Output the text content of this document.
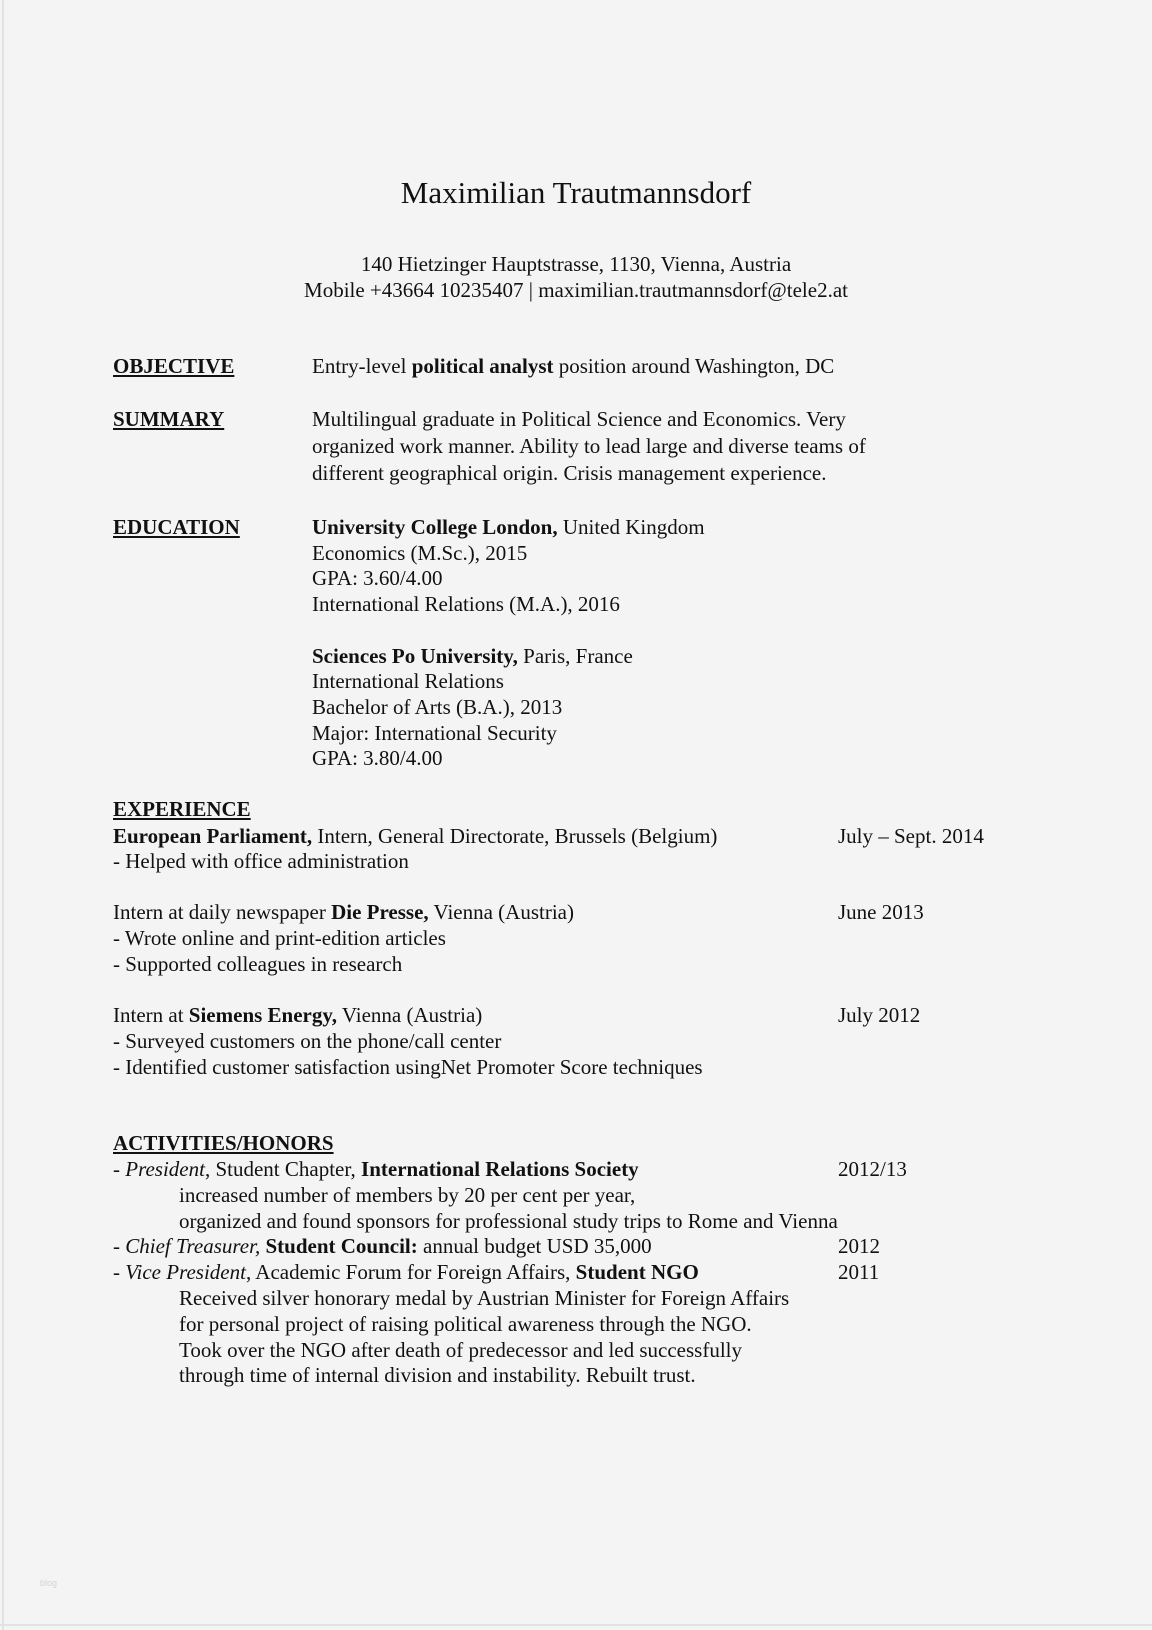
Maximilian Trautmannsdorf
140 Hietzinger Hauptstrasse, 1130, Vienna, Austria
Mobile +43664 10235407 | maximilian.trautmannsdorf@tele2.at
OBJECTIVE	Entry-level political analyst position around Washington, DC
SUMMARY	Multilingual graduate in Political Science and Economics. Very
organized work manner. Ability to lead large and diverse teams of
different geographical origin. Crisis management experience.
EDUCATION	University College London, United Kingdom
Economics (M.Sc.), 2015
GPA: 3.60/4.00
International Relations (M.A.), 2016
Sciences Po University, Paris, France
International Relations
Bachelor of Arts (B.A.), 2013
Major: International Security
GPA: 3.80/4.00
EXPERIENCE
European Parliament, Intern, General Directorate, Brussels (Belgium)	July – Sept. 2014
- Helped with office administration
Intern at daily newspaper Die Presse, Vienna (Austria)	June 2013
- Wrote online and print-edition articles
- Supported colleagues in research
Intern at Siemens Energy, Vienna (Austria)	July 2012
- Surveyed customers on the phone/call center
- Identified customer satisfaction usingNet Promoter Score techniques
ACTIVITIES/HONORS
- President, Student Chapter, International Relations Society	2012/13
increased number of members by 20 per cent per year,
organized and found sponsors for professional study trips to Rome and Vienna
- Chief Treasurer, Student Council: annual budget USD 35,000	2012
- Vice President, Academic Forum for Foreign Affairs, Student NGO	2011
Received silver honorary medal by Austrian Minister for Foreign Affairs
for personal project of raising political awareness through the NGO.
Took over the NGO after death of predecessor and led successfully
through time of internal division and instability. Rebuilt trust.
blog
